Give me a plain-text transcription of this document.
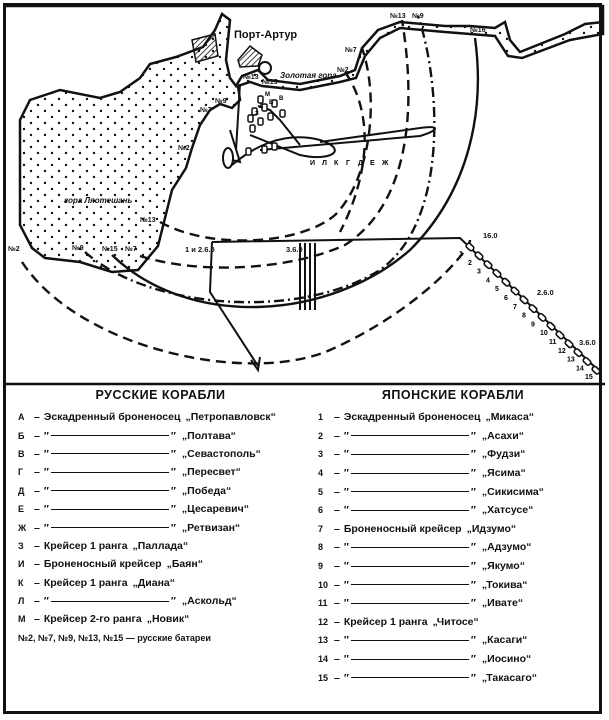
1
2
3
4
5
6
7
8
9
10
11
12
13
14
15
И Л К Г Д Е Ж
А
Б
В
З
М
Порт-Артур
Золотая гора
гора Ляотешань
№2	№9	№15 №7
№13
№2
№7
№9
№13
№15
№7
№2
№13 №9
№16
1 и 2.6.0	3.6.0
16.0
2.6.0
3.6.0
РУССКИЕ КОРАБЛИ
А – Эскадренный броненосец „Петропавловск“
Б – ″	″ „Полтава“
В – ″	″ „Севастополь“
Г	– ″	″ „Пересвет“
Д – ″	″ „Победа“
Е – ″	″ „Цесаревич“
Ж – ″	″ „Ретвизан“
З – Крейсер 1 ранга „Паллада“
И – Броненосный крейсер „Баян“
К	– Крейсер 1 ранга „Диана“
Л – ″	″ „Аскольд“
М – Крейсер 2-го ранга „Новик“
№2, №7, №9, №13, №15 — русские батареи
ЯПОНСКИЕ КОРАБЛИ
1	– Эскадренный броненосец „Микаса“
2	– ″	″ „Асахи“
3	– ″	″ „Фудзи“
4	– ″	″ „Ясима“
5	– ″	″ „Сикисима“
6	– ″	″ „Хатсусе“
7	– Броненосный крейсер „Идзумо“
8	– ″	″ „Адзумо“
9	– ″	″ „Якумо“
10 – ″	″ „Токива“
11 – ″	″ „Ивате“
12 – Крейсер 1 ранга „Читосе“
13 – ″	″ „Касаги“
14 – ″	″ „Иосино“
15 – ″	″ „Такасаго“
